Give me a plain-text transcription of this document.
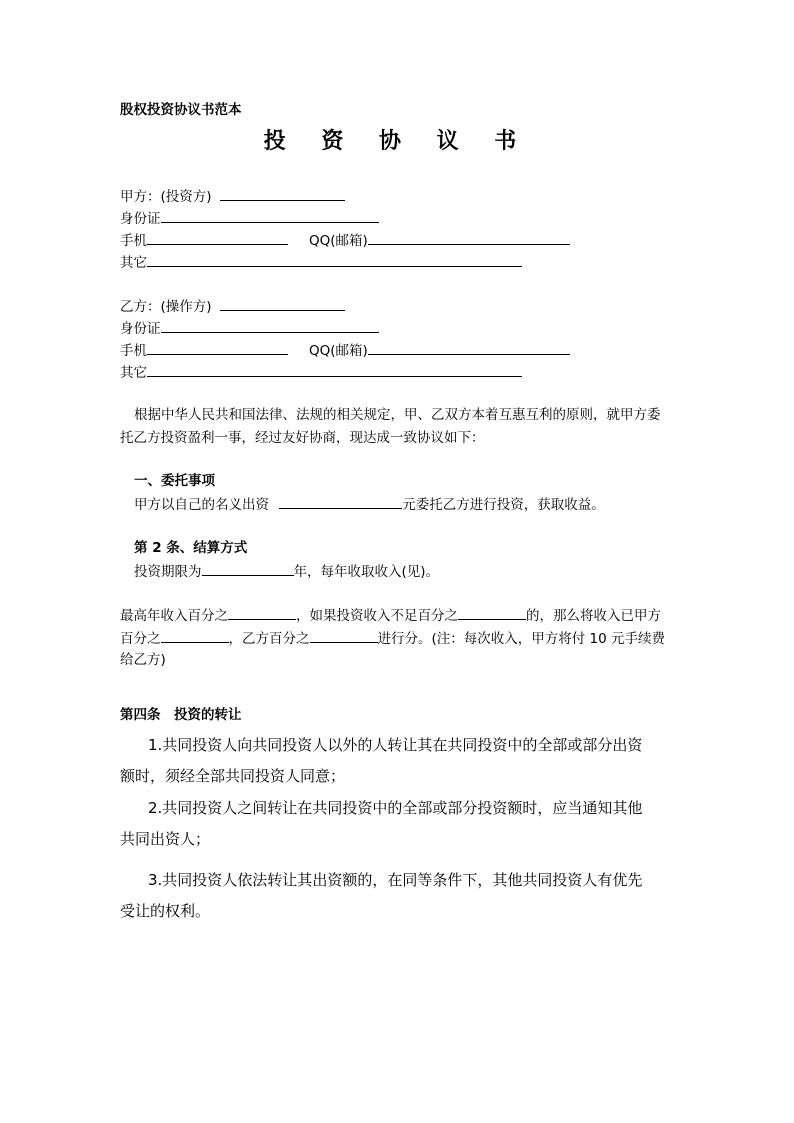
股权投资协议书范本
投 资 协 议 书
甲方：(投资方)
身份证
手机	QQ(邮箱)
其它
乙方：(操作方)
身份证
手机	QQ(邮箱)
其它
根据中华人民共和国法律、法规的相关规定，甲、乙双方本着互惠互利的原则，就甲方委
托乙方投资盈利一事，经过友好协商，现达成一致协议如下：
一、委托事项
甲方以自己的名义出资	元委托乙方进行投资，获取收益。
第 2 条、结算方式
投资期限为	年，每年收取收入(见)。
最高年收入百分之	，如果投资收入不足百分之	的，那么将收入已甲方
百分之	，乙方百分之	进行分。(注：每次收入，甲方将付 10 元手续费
给乙方)
第四条　投资的转让
1.共同投资人向共同投资人以外的人转让其在共同投资中的全部或部分出资
额时，须经全部共同投资人同意；
2.共同投资人之间转让在共同投资中的全部或部分投资额时，应当通知其他
共同出资人；
3.共同投资人依法转让其出资额的，在同等条件下，其他共同投资人有优先
受让的权利。
